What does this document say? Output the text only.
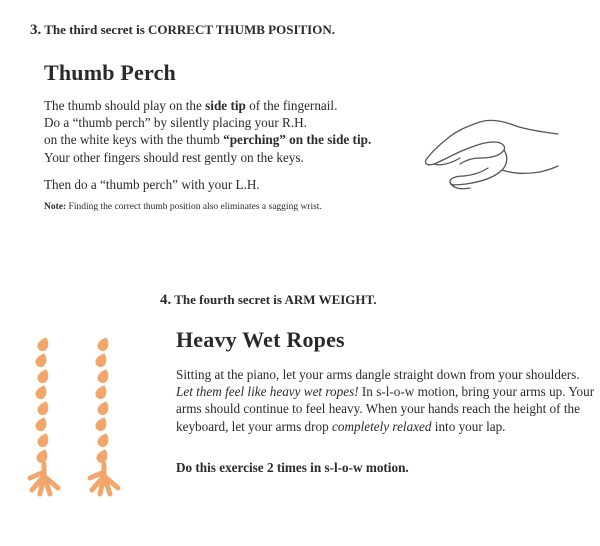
3. The third secret is CORRECT THUMB POSITION.
Thumb Perch

The thumb should play on the side tip of the fingernail.

Do a “thumb perch” by silently placing your R.H.

on the white keys with the thumb “perching” on the side tip.

Your other fingers should rest gently on the keys.

Then do a “thumb perch” with your L.H.

Note: Finding the correct thumb position also eliminates a sagging wrist.
4. The fourth secret is ARM WEIGHT.
Heavy Wet Ropes

Sitting at the piano, let your arms dangle straight down from your shoulders. Let them feel like heavy wet ropes! In s-l-o-w motion, bring your arms up. Your arms should continue to feel heavy. When your hands reach the height of the keyboard, let your arms drop completely relaxed into your lap.

Do this exercise 2 times in s-l-o-w motion.
